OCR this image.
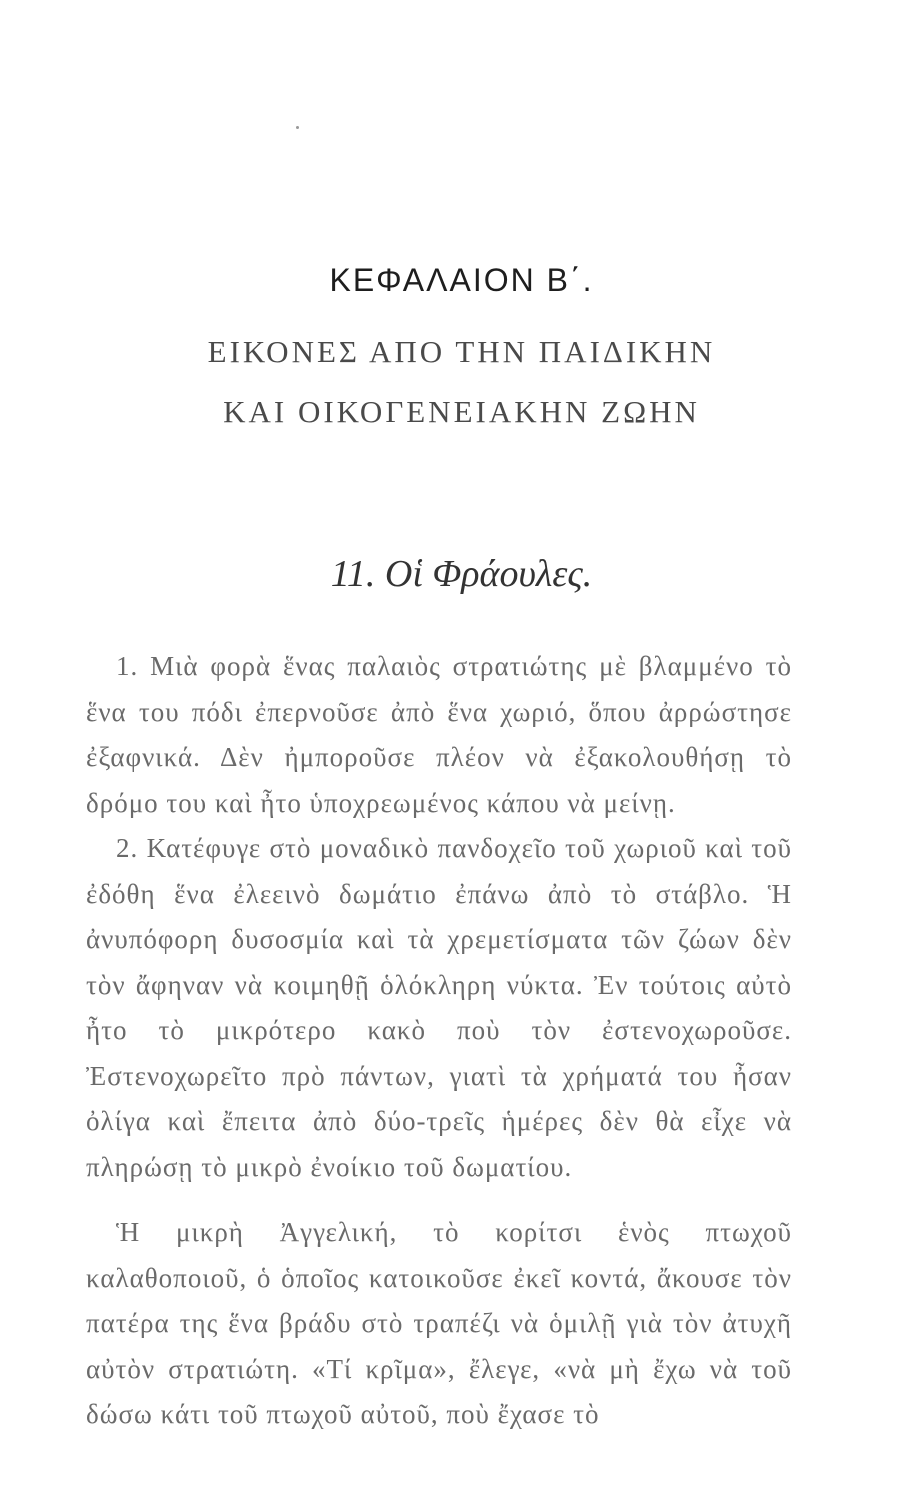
ΚΕΦΑΛΑΙΟΝ Β΄.
ΕΙΚΟΝΕΣ ΑΠΟ ΤΗΝ ΠΑΙΔΙΚΗΝ
ΚΑΙ ΟΙΚΟΓΕΝΕΙΑΚΗΝ ΖΩΗΝ
11. Οἱ Φράουλες.

1. Μιὰ φορὰ ἕνας παλαιὸς στρατιώτης μὲ βλαμμένο τὸ ἕνα του πόδι ἐπερνοῦσε ἀπὸ ἕνα χωριό, ὅπου ἀρρώστησε ἐξαφνικά. Δὲν ἠμποροῦσε πλέον νὰ ἐξακολουθήσῃ τὸ δρόμο του καὶ ἦτο ὑποχρεωμένος κάπου νὰ μείνῃ.

2. Κατέφυγε στὸ μοναδικὸ πανδοχεῖο τοῦ χωριοῦ καὶ τοῦ ἐδόθη ἕνα ἐλεεινὸ δωμάτιο ἐπάνω ἀπὸ τὸ στάβλο. Ἡ ἀνυπόφορη δυσοσμία καὶ τὰ χρεμετίσματα τῶν ζώων δὲν τὸν ἄφηναν νὰ κοιμηθῇ ὁλόκληρη νύκτα. Ἐν τούτοις αὐτὸ ἦτο τὸ μικρότερο κακὸ ποὺ τὸν ἐστενοχωροῦσε. Ἐστενοχωρεῖτο πρὸ πάντων, γιατὶ τὰ χρήματά του ἦσαν ὀλίγα καὶ ἔπειτα ἀπὸ δύο-τρεῖς ἡμέρες δὲν θὰ εἶχε νὰ πληρώσῃ τὸ μικρὸ ἐνοίκιο τοῦ δωματίου.

Ἡ μικρὴ Ἀγγελική, τὸ κορίτσι ἑνὸς πτωχοῦ καλαθοποιοῦ, ὁ ὁποῖος κατοικοῦσε ἐκεῖ κοντά, ἄκουσε τὸν πατέρα της ἕνα βράδυ στὸ τραπέζι νὰ ὁμιλῇ γιὰ τὸν ἀτυχῆ αὐτὸν στρατιώτη. «Τί κρῖμα», ἔλεγε, «νὰ μὴ ἔχω νὰ τοῦ δώσω κάτι τοῦ πτωχοῦ αὐτοῦ, ποὺ ἔχασε τὸ
